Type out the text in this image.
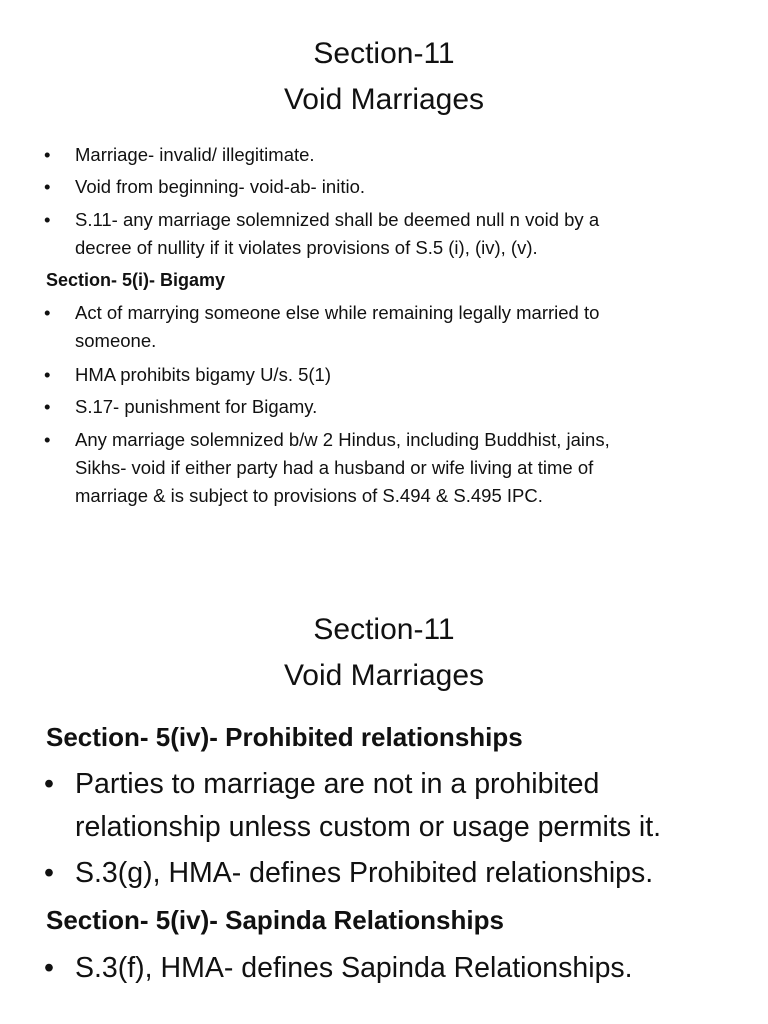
Section-11
Void Marriages
• Marriage- invalid/ illegitimate.
• Void from beginning- void-ab- initio.
• S.11- any marriage solemnized shall be deemed null n void by a
decree of nullity if it violates provisions of S.5 (i), (iv), (v).
Section- 5(i)- Bigamy
• Act of marrying someone else while remaining legally married to
someone.
• HMA prohibits bigamy U/s. 5(1)
• S.17- punishment for Bigamy.
• Any marriage solemnized b/w 2 Hindus, including Buddhist, jains,
Sikhs- void if either party had a husband or wife living at time of
marriage & is subject to provisions of S.494 & S.495 IPC.
Section-11
Void Marriages
Section- 5(iv)- Prohibited relationships
• Parties to marriage are not in a prohibited
relationship unless custom or usage permits it.
• S.3(g), HMA- defines Prohibited relationships.
Section- 5(iv)- Sapinda Relationships
• S.3(f), HMA- defines Sapinda Relationships.
